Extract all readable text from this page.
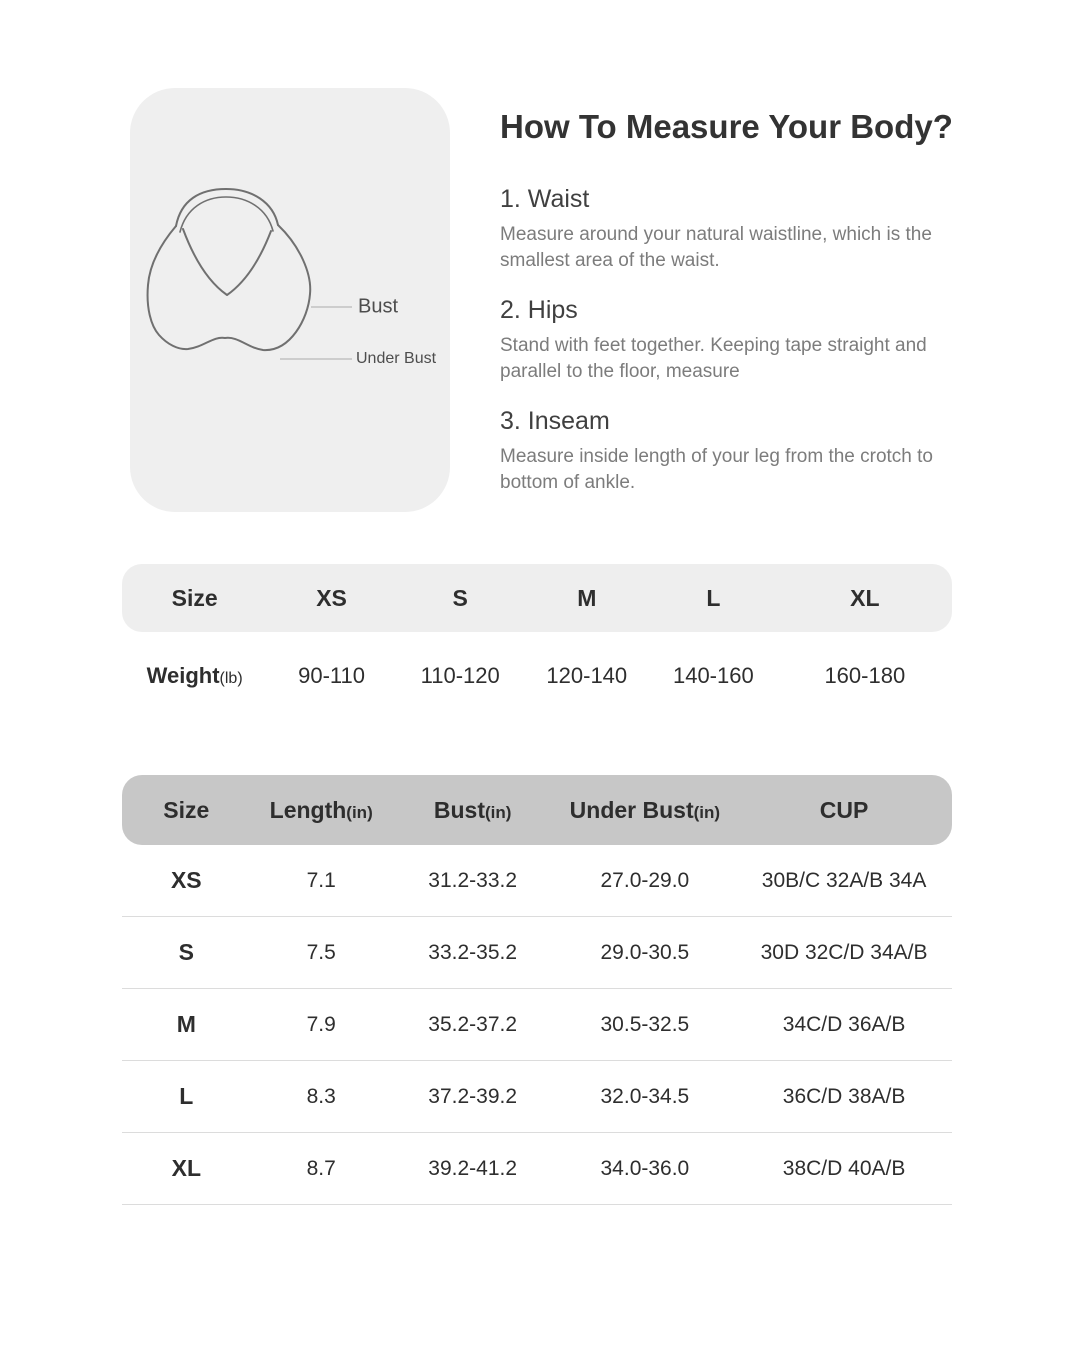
Bust
Under Bust
How To Measure Your Body?
1. Waist

Measure around your natural waistline, which is the smallest area of the waist.

2. Hips

Stand with feet together. Keeping tape straight and parallel to the floor, measure

3. Inseam

Measure inside length of your leg from the crotch to bottom of ankle.

Size	XS	S	M	L	XL
Weight(lb)	90-110	110-120	120-140	140-160	160-180
Size	Length(in)	Bust(in)	Under Bust(in)	CUP
XS	7.1	31.2-33.2	27.0-29.0	30B/C 32A/B 34A
S	7.5	33.2-35.2	29.0-30.5	30D 32C/D 34A/B
M	7.9	35.2-37.2	30.5-32.5	34C/D 36A/B
L	8.3	37.2-39.2	32.0-34.5	36C/D 38A/B
XL	8.7	39.2-41.2	34.0-36.0	38C/D 40A/B
